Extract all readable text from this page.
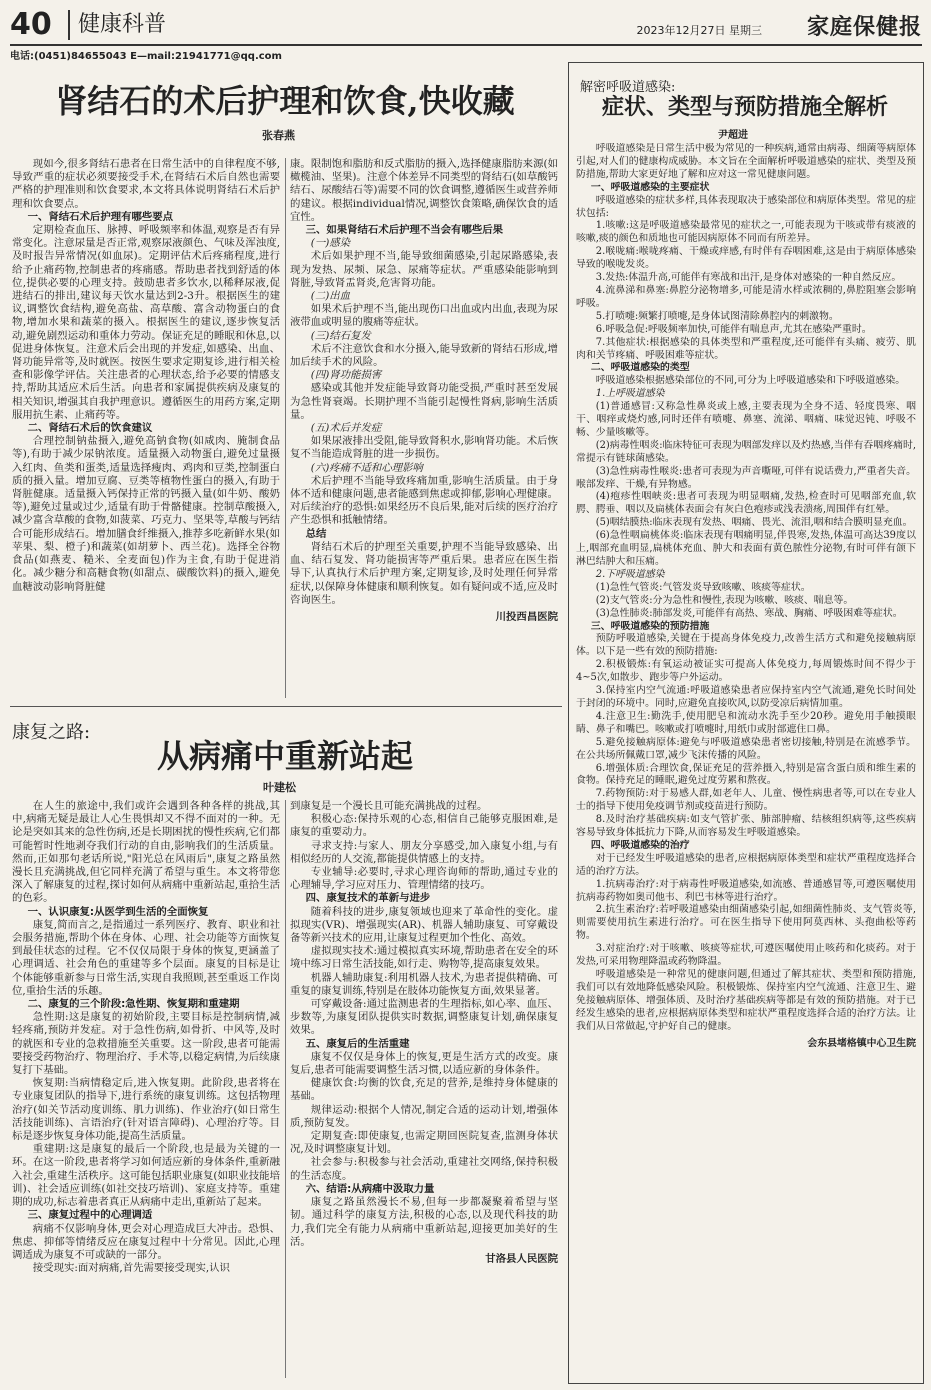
40	健康科普	2023年12月27日 星期三 家庭保健报
电话:(0451)84655043 E—mail:21941771@qq.com
肾结石的术后护理和饮食,快收藏
张春燕

现如今,很多肾结石患者在日常生活中的自律程度不够,导致严重的症状必须要接受手术,在肾结石术后自然也需要严格的护理准则和饮食要求,本文将具体说明肾结石术后护理和饮食要点。

一、肾结石术后护理有哪些要点

定期检查血压、脉搏、呼吸频率和体温,观察是否有异常变化。注意尿量是否正常,观察尿液颜色、气味及浑浊度,及时报告异常情况(如血尿)。定期评估术后疼痛程度,进行给予止痛药物,控制患者的疼痛感。帮助患者找到舒适的体位,提供必要的心理支持。鼓励患者多饮水,以稀释尿液,促进结石的排出,建议每天饮水量达到2-3升。根据医生的建议,调整饮食结构,避免高盐、高草酸、富含动物蛋白的食物,增加水果和蔬菜的摄入。根据医生的建议,逐步恢复活动,避免剧烈运动和重体力劳动。保证充足的睡眠和休息,以促进身体恢复。注意术后会出现的并发症,如感染、出血、肾功能异常等,及时就医。按医生要求定期复诊,进行相关检查和影像学评估。关注患者的心理状态,给予必要的情感支持,帮助其适应术后生活。向患者和家属提供疾病及康复的相关知识,增强其自我护理意识。遵循医生的用药方案,定期服用抗生素、止痛药等。

二、肾结石术后的饮食建议

合理控制钠盐摄入,避免高钠食物(如咸肉、腌制食品等),有助于减少尿钠浓度。适量摄入动物蛋白,避免过量摄入红肉、鱼类和蛋类,适量选择瘦肉、鸡肉和豆类,控制蛋白质的摄入量。增加豆腐、豆类等植物性蛋白的摄入,有助于肾脏健康。适量摄入钙保持正常的钙摄入量(如牛奶、酸奶等),避免过量或过少,适量有助于骨骼健康。控制草酸摄入,减少富含草酸的食物,如菠菜、巧克力、坚果等,草酸与钙结合可能形成结石。增加膳食纤维摄入,推荐多吃新鲜水果(如苹果、梨、橙子)和蔬菜(如胡萝卜、西兰花)。选择全谷物食品(如燕麦、糙米、全麦面包)作为主食,有助于促进消化。减少糖分和高糖食物(如甜点、碳酸饮料)的摄入,避免血糖波动影响肾脏健

康。限制饱和脂肪和反式脂肪的摄入,选择健康脂肪来源(如橄榄油、坚果)。注意个体差异不同类型的肾结石(如草酸钙结石、尿酸结石等)需要不同的饮食调整,遵循医生或营养师的建议。根据individual情况,调整饮食策略,确保饮食的适宜性。

三、如果肾结石术后护理不当会有哪些后果

(一)感染

术后如果护理不当,能导致细菌感染,引起尿路感染,表现为发热、尿频、尿急、尿痛等症状。严重感染能影响到肾脏,导致肾盂肾炎,危害肾功能。

(二)出血

如果术后护理不当,能出现伤口出血或内出血,表现为尿液带血或明显的腹痛等症状。

(三)结石复发

术后不注意饮食和水分摄入,能导致新的肾结石形成,增加后续手术的风险。

(四)肾功能损害

感染或其他并发症能导致肾功能受损,严重时甚至发展为急性肾衰竭。长期护理不当能引起慢性肾病,影响生活质量。

(五)术后并发症

如果尿液排出受阻,能导致肾积水,影响肾功能。术后恢复不当能造成肾脏的进一步损伤。

(六)疼痛不适和心理影响

术后护理不当能导致疼痛加重,影响生活质量。由于身体不适和健康问题,患者能感到焦虑或抑郁,影响心理健康。对后续治疗的恐惧:如果经历不良后果,能对后续的医疗治疗产生恐惧和抵触情绪。

总结

肾结石术后的护理至关重要,护理不当能导致感染、出血、结石复发、肾功能损害等严重后果。患者应在医生指导下,认真执行术后护理方案,定期复诊,及时处理任何异常症状,以保障身体健康和顺利恢复。如有疑问或不适,应及时咨询医生。

川投西昌医院

康复之路:
从病痛中重新站起
叶建松

在人生的旅途中,我们或许会遇到各种各样的挑战,其中,病痛无疑是最让人心生畏惧却又不得不面对的一种。无论是突如其来的急性伤病,还是长期困扰的慢性疾病,它们都可能暂时性地剥夺我们行动的自由,影响我们的生活质量。然而,正如那句老话所说,"阳光总在风雨后",康复之路虽然漫长且充满挑战,但它同样充满了希望与重生。本文将带您深入了解康复的过程,探讨如何从病痛中重新站起,重拾生活的色彩。

一、认识康复:从医学到生活的全面恢复

康复,简而言之,是指通过一系列医疗、教育、职业和社会服务措施,帮助个体在身体、心理、社会功能等方面恢复到最佳状态的过程。它不仅仅局限于身体的恢复,更涵盖了心理调适、社会角色的重建等多个层面。康复的目标是让个体能够重新参与日常生活,实现自我照顾,甚至重返工作岗位,重拾生活的乐趣。

二、康复的三个阶段:急性期、恢复期和重建期

急性期:这是康复的初始阶段,主要目标是控制病情,减轻疼痛,预防并发症。对于急性伤病,如骨折、中风等,及时的就医和专业的急救措施至关重要。这一阶段,患者可能需要接受药物治疗、物理治疗、手术等,以稳定病情,为后续康复打下基础。

恢复期:当病情稳定后,进入恢复期。此阶段,患者将在专业康复团队的指导下,进行系统的康复训练。这包括物理治疗(如关节活动度训练、肌力训练)、作业治疗(如日常生活技能训练)、言语治疗(针对语言障碍)、心理治疗等。目标是逐步恢复身体功能,提高生活质量。

重建期:这是康复的最后一个阶段,也是最为关键的一环。在这一阶段,患者将学习如何适应新的身体条件,重新融入社会,重建生活秩序。这可能包括职业康复(如职业技能培训)、社会适应训练(如社交技巧培训)、家庭支持等。重建期的成功,标志着患者真正从病痛中走出,重新站了起来。

三、康复过程中的心理调适

病痛不仅影响身体,更会对心理造成巨大冲击。恐惧、焦虑、抑郁等情绪反应在康复过程中十分常见。因此,心理调适成为康复不可或缺的一部分。

接受现实:面对病痛,首先需要接受现实,认识

到康复是一个漫长且可能充满挑战的过程。

积极心态:保持乐观的心态,相信自己能够克服困难,是康复的重要动力。

寻求支持:与家人、朋友分享感受,加入康复小组,与有相似经历的人交流,都能提供情感上的支持。

专业辅导:必要时,寻求心理咨询师的帮助,通过专业的心理辅导,学习应对压力、管理情绪的技巧。

四、康复技术的革新与进步

随着科技的进步,康复领域也迎来了革命性的变化。虚拟现实(VR)、增强现实(AR)、机器人辅助康复、可穿戴设备等新兴技术的应用,让康复过程更加个性化、高效。

虚拟现实技术:通过模拟真实环境,帮助患者在安全的环境中练习日常生活技能,如行走、购物等,提高康复效果。

机器人辅助康复:利用机器人技术,为患者提供精确、可重复的康复训练,特别是在肢体功能恢复方面,效果显著。

可穿戴设备:通过监测患者的生理指标,如心率、血压、步数等,为康复团队提供实时数据,调整康复计划,确保康复效果。

五、康复后的生活重建

康复不仅仅是身体上的恢复,更是生活方式的改变。康复后,患者可能需要调整生活习惯,以适应新的身体条件。

健康饮食:均衡的饮食,充足的营养,是维持身体健康的基础。

规律运动:根据个人情况,制定合适的运动计划,增强体质,预防复发。

定期复查:即使康复,也需定期回医院复查,监测身体状况,及时调整康复计划。

社会参与:积极参与社会活动,重建社交网络,保持积极的生活态度。

六、结语:从病痛中汲取力量

康复之路虽然漫长不易,但每一步都凝聚着希望与坚韧。通过科学的康复方法,积极的心态,以及现代科技的助力,我们完全有能力从病痛中重新站起,迎接更加美好的生活。

甘洛县人民医院

解密呼吸道感染:
症状、类型与预防措施全解析
尹超进

呼吸道感染是日常生活中极为常见的一种疾病,通常由病毒、细菌等病原体引起,对人们的健康构成威胁。本文旨在全面解析呼吸道感染的症状、类型及预防措施,帮助大家更好地了解和应对这一常见健康问题。

一、呼吸道感染的主要症状

呼吸道感染的症状多样,具体表现取决于感染部位和病原体类型。常见的症状包括:

1.咳嗽:这是呼吸道感染最常见的症状之一,可能表现为干咳或带有痰液的咳嗽,痰的颜色和质地也可能因病原体不同而有所差异。

2.喉咙痛:喉咙疼痛、干燥或痒感,有时伴有吞咽困难,这是由于病原体感染导致的喉咙发炎。

3.发热:体温升高,可能伴有寒战和出汗,是身体对感染的一种自然反应。

4.流鼻涕和鼻塞:鼻腔分泌物增多,可能是清水样或浓稠的,鼻腔阻塞会影响呼吸。

5.打喷嚏:频繁打喷嚏,是身体试图清除鼻腔内的刺激物。

6.呼吸急促:呼吸频率加快,可能伴有喘息声,尤其在感染严重时。

7.其他症状:根据感染的具体类型和严重程度,还可能伴有头痛、疲劳、肌肉和关节疼痛、呼吸困难等症状。

二、呼吸道感染的类型

呼吸道感染根据感染部位的不同,可分为上呼吸道感染和下呼吸道感染。

1.上呼吸道感染

(1)普通感冒:又称急性鼻炎或上感,主要表现为全身不适、轻度畏寒、咽干、咽痒或烧灼感,同时还伴有喷嚏、鼻塞、流涕、咽痛、味觉迟钝、呼吸不畅、少量咳嗽等。

(2)病毒性咽炎:临床特征可表现为咽部发痒以及灼热感,当伴有吞咽疼痛时,常提示有链球菌感染。

(3)急性病毒性喉炎:患者可表现为声音嘶哑,可伴有说话费力,严重者失音。喉部发痒、干燥,有异物感。

(4)疱疹性咽峡炎:患者可表现为明显咽痛,发热,检查时可见咽部充血,软腭、腭垂、咽以及扁桃体表面会有灰白色疱疹或浅表溃疡,周围伴有红晕。

(5)咽结膜热:临床表现有发热、咽痛、畏光、流泪,咽和结合膜明显充血。

(6)急性咽扁桃体炎:临床表现有咽痛明显,伴畏寒,发热,体温可高达39度以上,咽部充血明显,扁桃体充血、肿大和表面有黄色脓性分泌物,有时可伴有颌下淋巴结肿大和压痛。

2.下呼吸道感染

(1)急性气管炎:气管发炎导致咳嗽、咳痰等症状。

(2)支气管炎:分为急性和慢性,表现为咳嗽、咳痰、喘息等。

(3)急性肺炎:肺部发炎,可能伴有高热、寒战、胸痛、呼吸困难等症状。

三、呼吸道感染的预防措施

预防呼吸道感染,关键在于提高身体免疫力,改善生活方式和避免接触病原体。以下是一些有效的预防措施:

2.积极锻炼:有氧运动被证实可提高人体免疫力,每周锻炼时间不得少于4~5次,如散步、跑步等户外运动。

3.保持室内空气流通:呼吸道感染患者应保持室内空气流通,避免长时间处于封闭的环境中。同时,应避免直接吹风,以防受凉后病情加重。

4.注意卫生:勤洗手,使用肥皂和流动水洗手至少20秒。避免用手触摸眼睛、鼻子和嘴巴。咳嗽或打喷嚏时,用纸巾或肘部遮住口鼻。

5.避免接触病原体:避免与呼吸道感染患者密切接触,特别是在流感季节。在公共场所佩戴口罩,减少飞沫传播的风险。

6.增强体质:合理饮食,保证充足的营养摄入,特别是富含蛋白质和维生素的食物。保持充足的睡眠,避免过度劳累和熬夜。

7.药物预防:对于易感人群,如老年人、儿童、慢性病患者等,可以在专业人士的指导下使用免疫调节剂或疫苗进行预防。

8.及时治疗基础疾病:如支气管扩张、肺部肿瘤、结核组织病等,这些疾病容易导致身体抵抗力下降,从而容易发生呼吸道感染。

四、呼吸道感染的治疗

对于已经发生呼吸道感染的患者,应根据病原体类型和症状严重程度选择合适的治疗方法。

1.抗病毒治疗:对于病毒性呼吸道感染,如流感、普通感冒等,可遵医嘱使用抗病毒药物如奥司他韦、利巴韦林等进行治疗。

2.抗生素治疗:若呼吸道感染由细菌感染引起,如细菌性肺炎、支气管炎等,则需要使用抗生素进行治疗。可在医生指导下使用阿莫西林、头孢曲松等药物。

3.对症治疗:对于咳嗽、咳痰等症状,可遵医嘱使用止咳药和化痰药。对于发热,可采用物理降温或药物降温。

呼吸道感染是一种常见的健康问题,但通过了解其症状、类型和预防措施,我们可以有效地降低感染风险。积极锻炼、保持室内空气流通、注意卫生、避免接触病原体、增强体质、及时治疗基础疾病等都是有效的预防措施。对于已经发生感染的患者,应根据病原体类型和症状严重程度选择合适的治疗方法。让我们从日常做起,守护好自己的健康。

会东县堵格镇中心卫生院
